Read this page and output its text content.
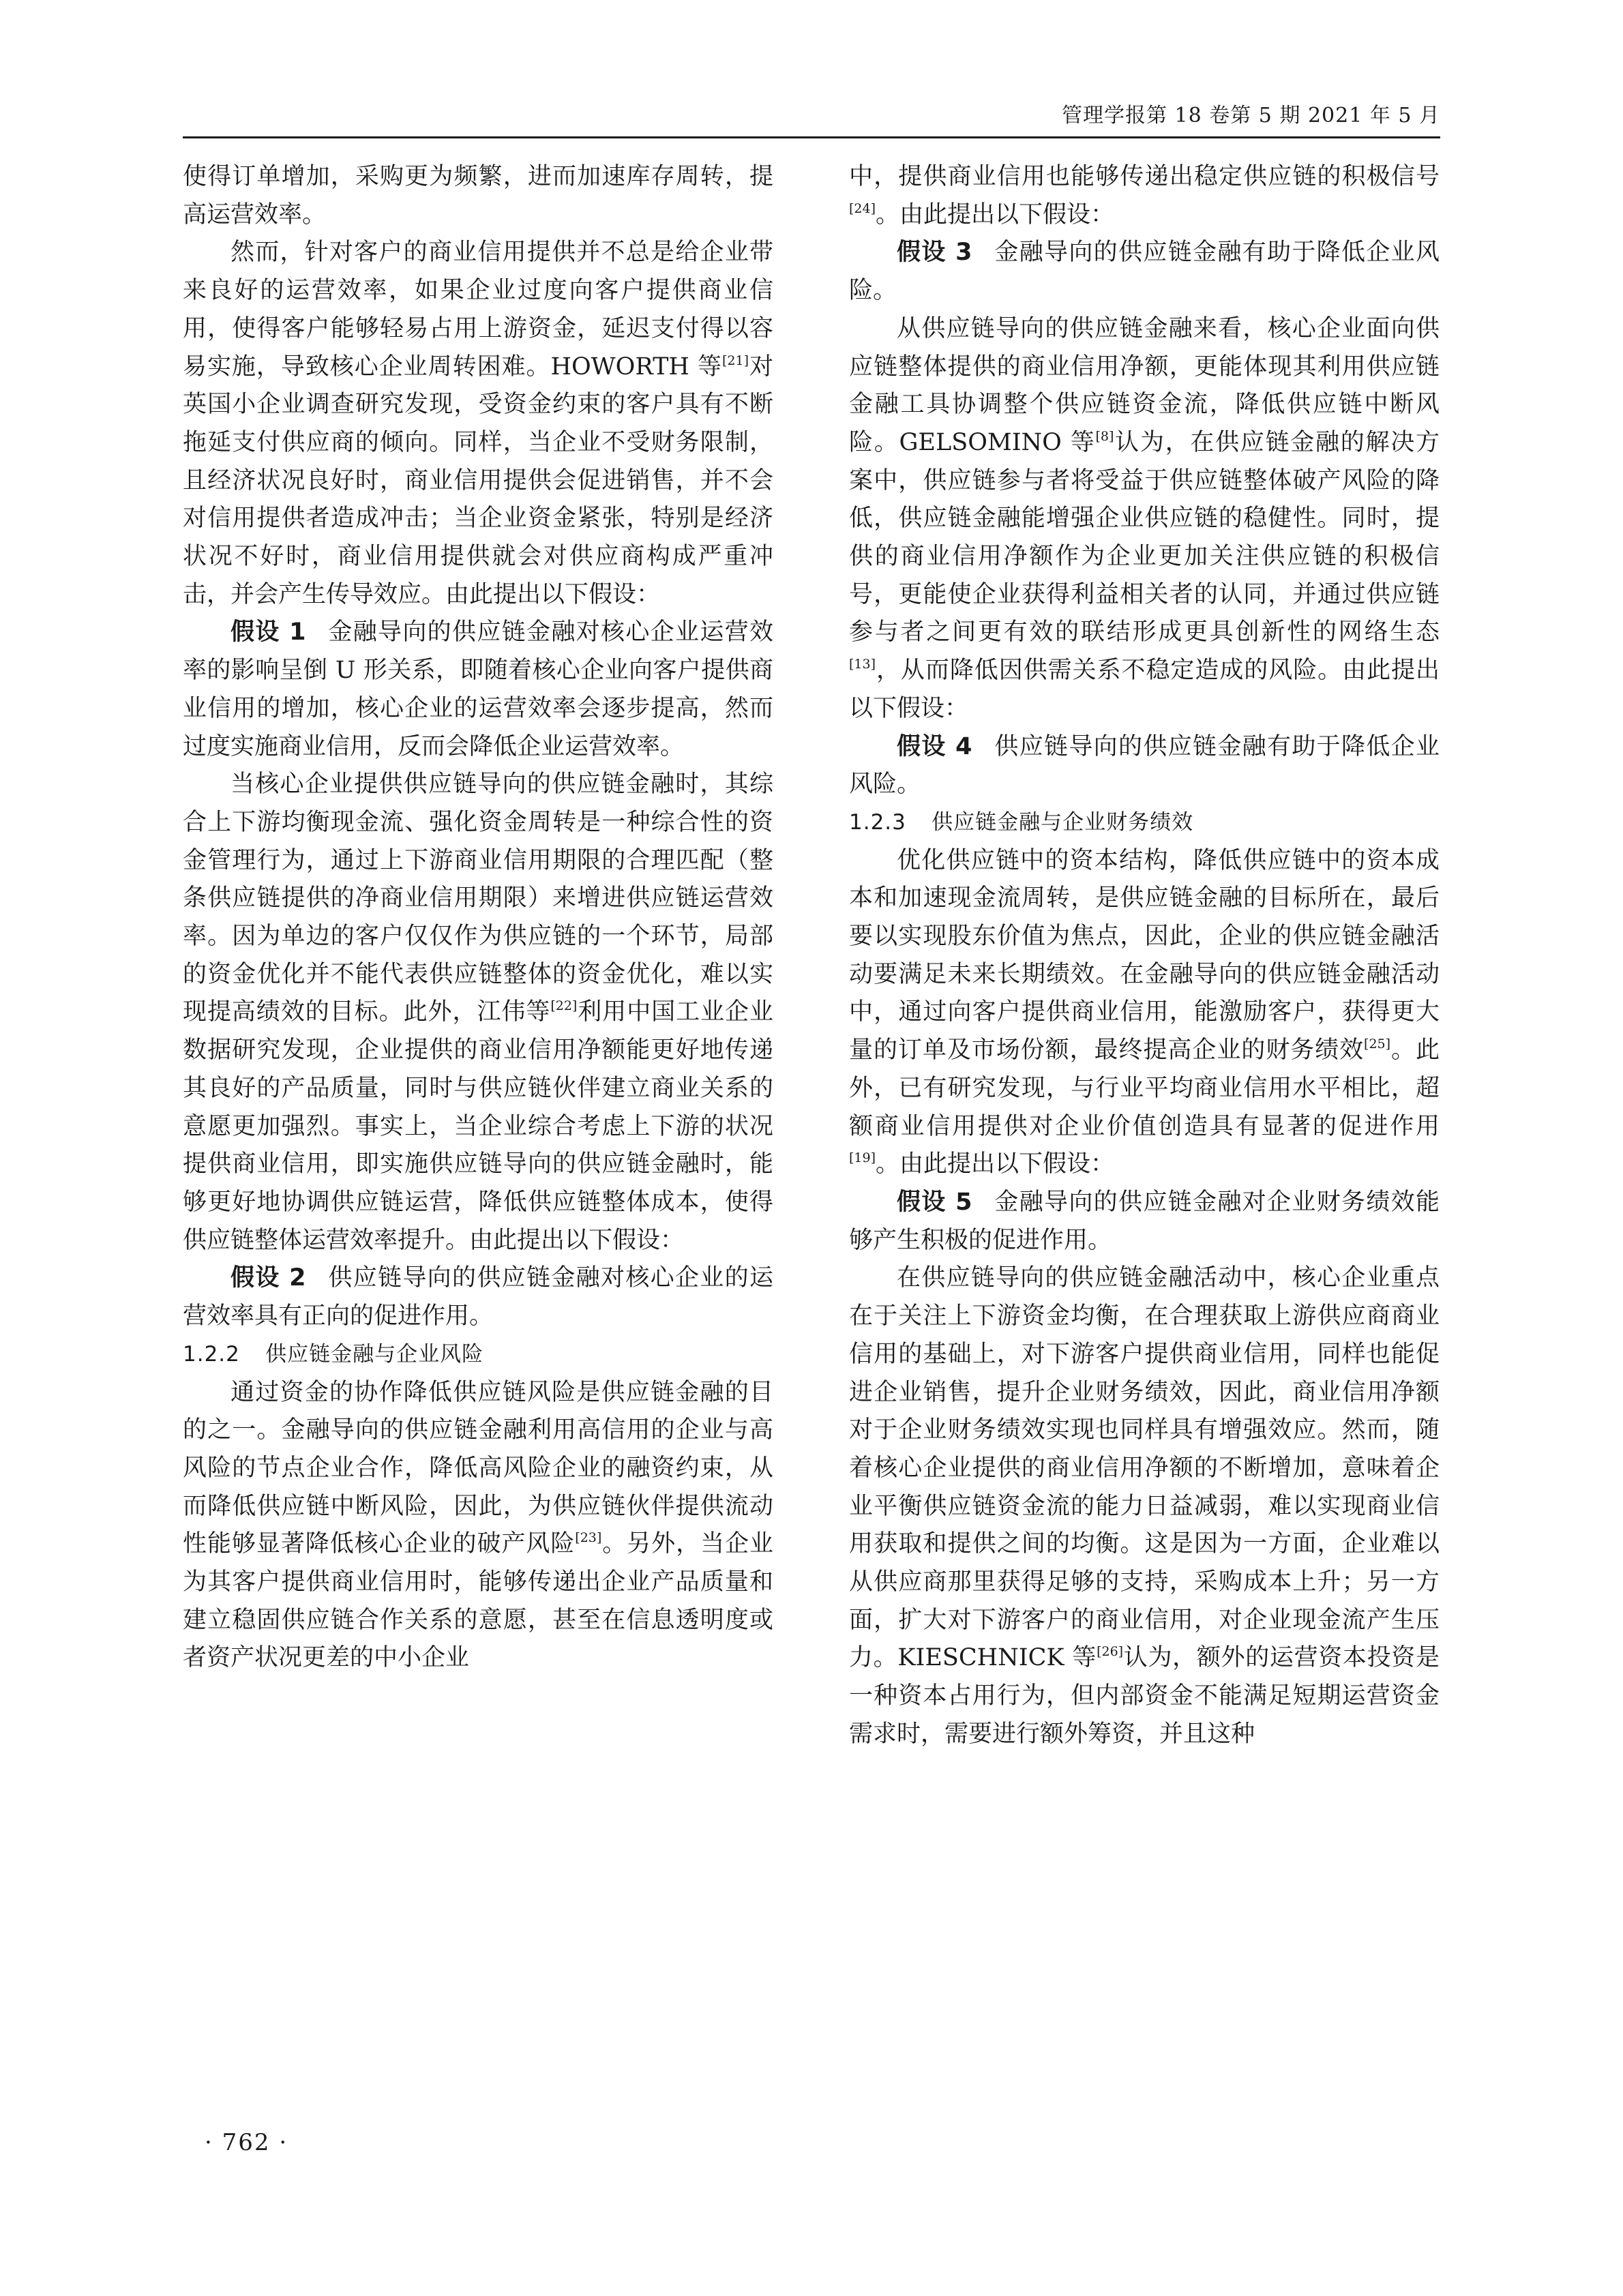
管理学报第 18 卷第 5 期 2021 年 5 月

使得订单增加，采购更为频繁，进而加速库存周转，提高运营效率。

然而，针对客户的商业信用提供并不总是给企业带来良好的运营效率，如果企业过度向客户提供商业信用，使得客户能够轻易占用上游资金，延迟支付得以容易实施，导致核心企业周转困难。HOWORTH 等[21]对英国小企业调查研究发现，受资金约束的客户具有不断拖延支付供应商的倾向。同样，当企业不受财务限制，且经济状况良好时，商业信用提供会促进销售，并不会对信用提供者造成冲击；当企业资金紧张，特别是经济状况不好时，商业信用提供就会对供应商构成严重冲击，并会产生传导效应。由此提出以下假设：

假设 1 金融导向的供应链金融对核心企业运营效率的影响呈倒 U 形关系，即随着核心企业向客户提供商业信用的增加，核心企业的运营效率会逐步提高，然而过度实施商业信用，反而会降低企业运营效率。

当核心企业提供供应链导向的供应链金融时，其综合上下游均衡现金流、强化资金周转是一种综合性的资金管理行为，通过上下游商业信用期限的合理匹配（整条供应链提供的净商业信用期限）来增进供应链运营效率。因为单边的客户仅仅作为供应链的一个环节，局部的资金优化并不能代表供应链整体的资金优化，难以实现提高绩效的目标。此外，江伟等[22]利用中国工业企业数据研究发现，企业提供的商业信用净额能更好地传递其良好的产品质量，同时与供应链伙伴建立商业关系的意愿更加强烈。事实上，当企业综合考虑上下游的状况提供商业信用，即实施供应链导向的供应链金融时，能够更好地协调供应链运营，降低供应链整体成本，使得供应链整体运营效率提升。由此提出以下假设：

假设 2 供应链导向的供应链金融对核心企业的运营效率具有正向的促进作用。

1.2.2 供应链金融与企业风险

通过资金的协作降低供应链风险是供应链金融的目的之一。金融导向的供应链金融利用高信用的企业与高风险的节点企业合作，降低高风险企业的融资约束，从而降低供应链中断风险，因此，为供应链伙伴提供流动性能够显著降低核心企业的破产风险[23]。另外，当企业为其客户提供商业信用时，能够传递出企业产品质量和建立稳固供应链合作关系的意愿，甚至在信息透明度或者资产状况更差的中小企业

中，提供商业信用也能够传递出稳定供应链的积极信号[24]。由此提出以下假设：

假设 3 金融导向的供应链金融有助于降低企业风险。

从供应链导向的供应链金融来看，核心企业面向供应链整体提供的商业信用净额，更能体现其利用供应链金融工具协调整个供应链资金流，降低供应链中断风险。GELSOMINO 等[8]认为，在供应链金融的解决方案中，供应链参与者将受益于供应链整体破产风险的降低，供应链金融能增强企业供应链的稳健性。同时，提供的商业信用净额作为企业更加关注供应链的积极信号，更能使企业获得利益相关者的认同，并通过供应链参与者之间更有效的联结形成更具创新性的网络生态[13]，从而降低因供需关系不稳定造成的风险。由此提出以下假设：

假设 4 供应链导向的供应链金融有助于降低企业风险。

1.2.3 供应链金融与企业财务绩效

优化供应链中的资本结构，降低供应链中的资本成本和加速现金流周转，是供应链金融的目标所在，最后要以实现股东价值为焦点，因此，企业的供应链金融活动要满足未来长期绩效。在金融导向的供应链金融活动中，通过向客户提供商业信用，能激励客户，获得更大量的订单及市场份额，最终提高企业的财务绩效[25]。此外，已有研究发现，与行业平均商业信用水平相比，超额商业信用提供对企业价值创造具有显著的促进作用[19]。由此提出以下假设：

假设 5 金融导向的供应链金融对企业财务绩效能够产生积极的促进作用。

在供应链导向的供应链金融活动中，核心企业重点在于关注上下游资金均衡，在合理获取上游供应商商业信用的基础上，对下游客户提供商业信用，同样也能促进企业销售，提升企业财务绩效，因此，商业信用净额对于企业财务绩效实现也同样具有增强效应。然而，随着核心企业提供的商业信用净额的不断增加，意味着企业平衡供应链资金流的能力日益减弱，难以实现商业信用获取和提供之间的均衡。这是因为一方面，企业难以从供应商那里获得足够的支持，采购成本上升；另一方面，扩大对下游客户的商业信用，对企业现金流产生压力。KIESCHNICK 等[26]认为，额外的运营资本投资是一种资本占用行为，但内部资金不能满足短期运营资金需求时，需要进行额外筹资，并且这种

· 762 ·
